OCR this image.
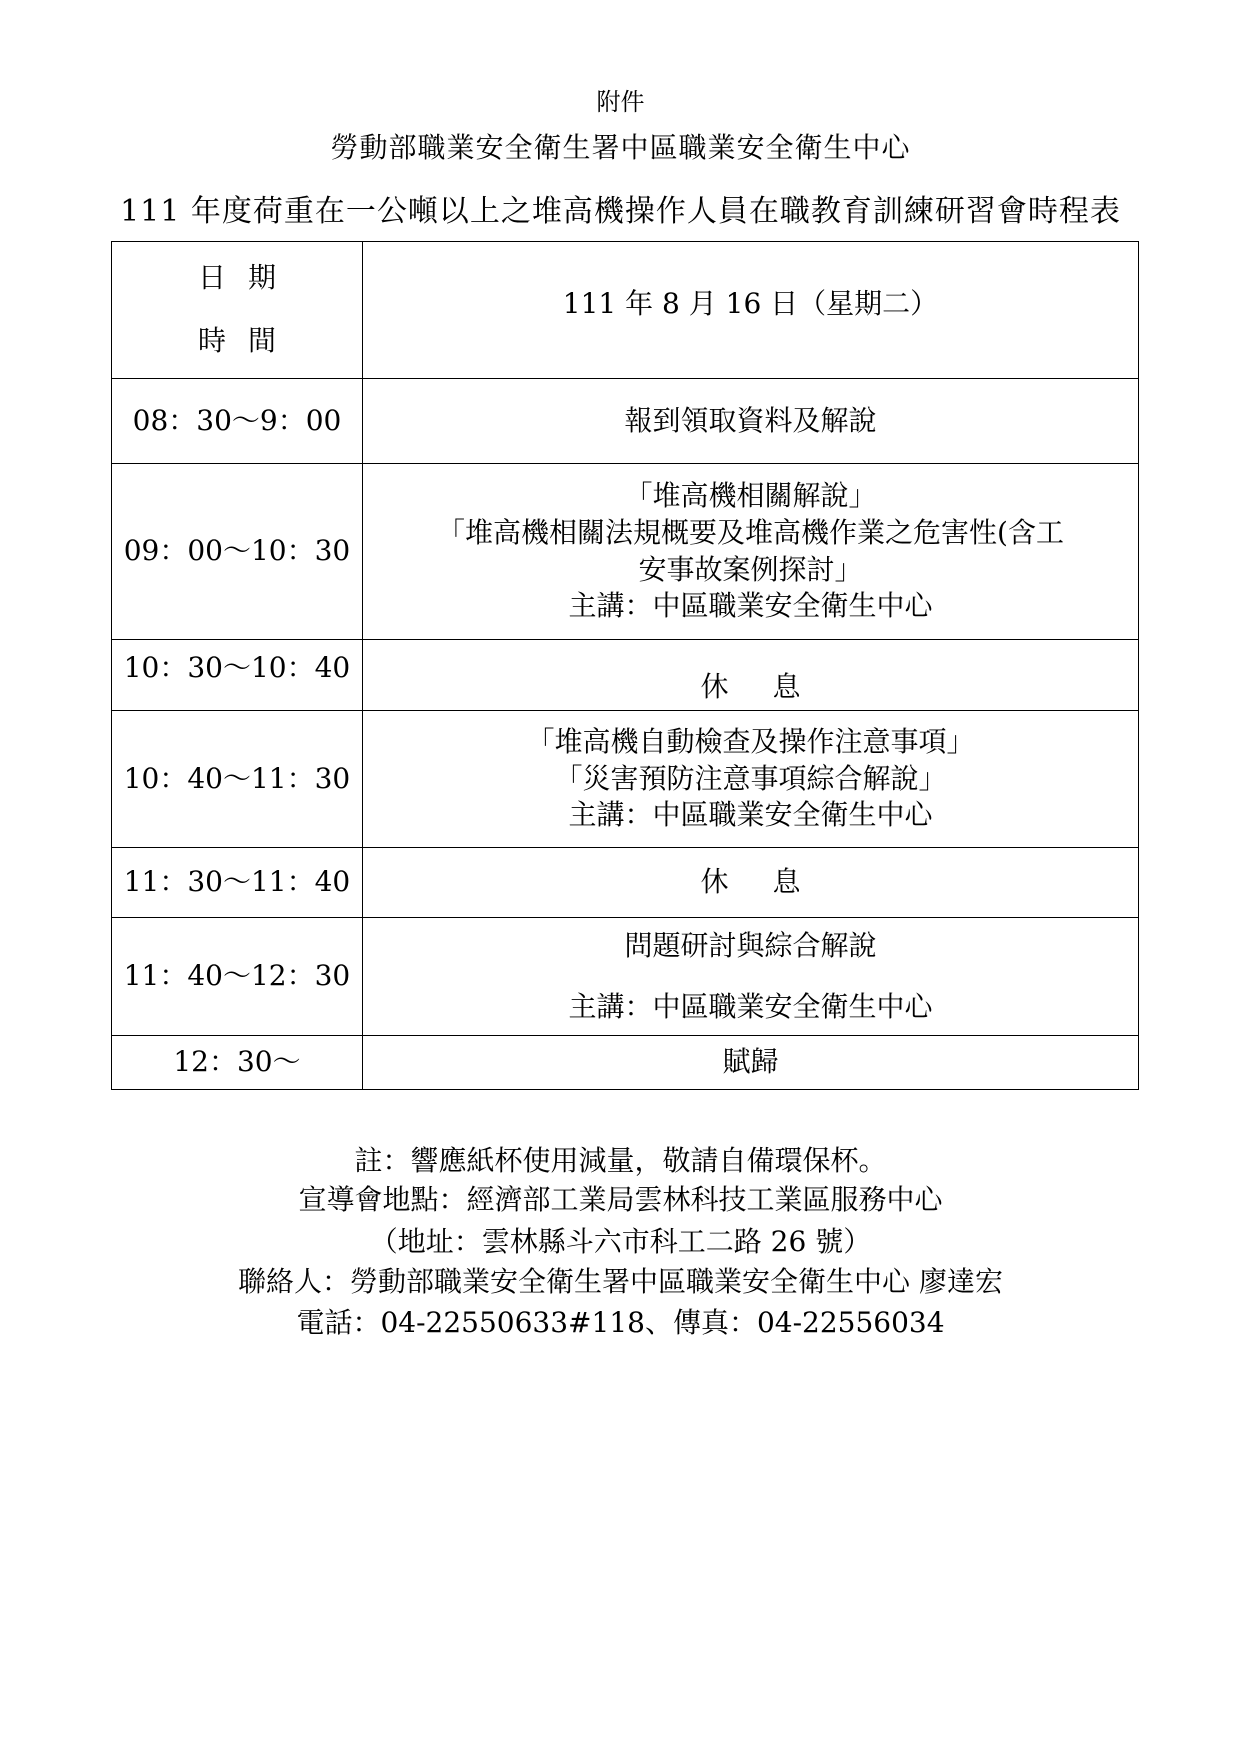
附件
勞動部職業安全衛生署中區職業安全衛生中心
111 年度荷重在一公噸以上之堆高機操作人員在職教育訓練研習會時程表
日期
時間	111 年 8 月 16 日（星期二）

08：30～9：00	報到領取資料及解說

09：00～10：30	「堆高機相關解說」
「堆高機相關法規概要及堆高機作業之危害性(含工
安事故案例探討」
主講：中區職業安全衛生中心

10：30～10：40	休息
10：40～11：30	「堆高機自動檢查及操作注意事項」
「災害預防注意事項綜合解說」
主講：中區職業安全衛生中心

11：30～11：40	休息
11：40～12：30	問題研討與綜合解說
主講：中區職業安全衛生中心

12：30～	賦歸
註：響應紙杯使用減量，敬請自備環保杯。
宣導會地點：經濟部工業局雲林科技工業區服務中心
（地址：雲林縣斗六市科工二路 26 號）
聯絡人：勞動部職業安全衛生署中區職業安全衛生中心 廖達宏
電話：04-22550633#118、傳真：04-22556034
